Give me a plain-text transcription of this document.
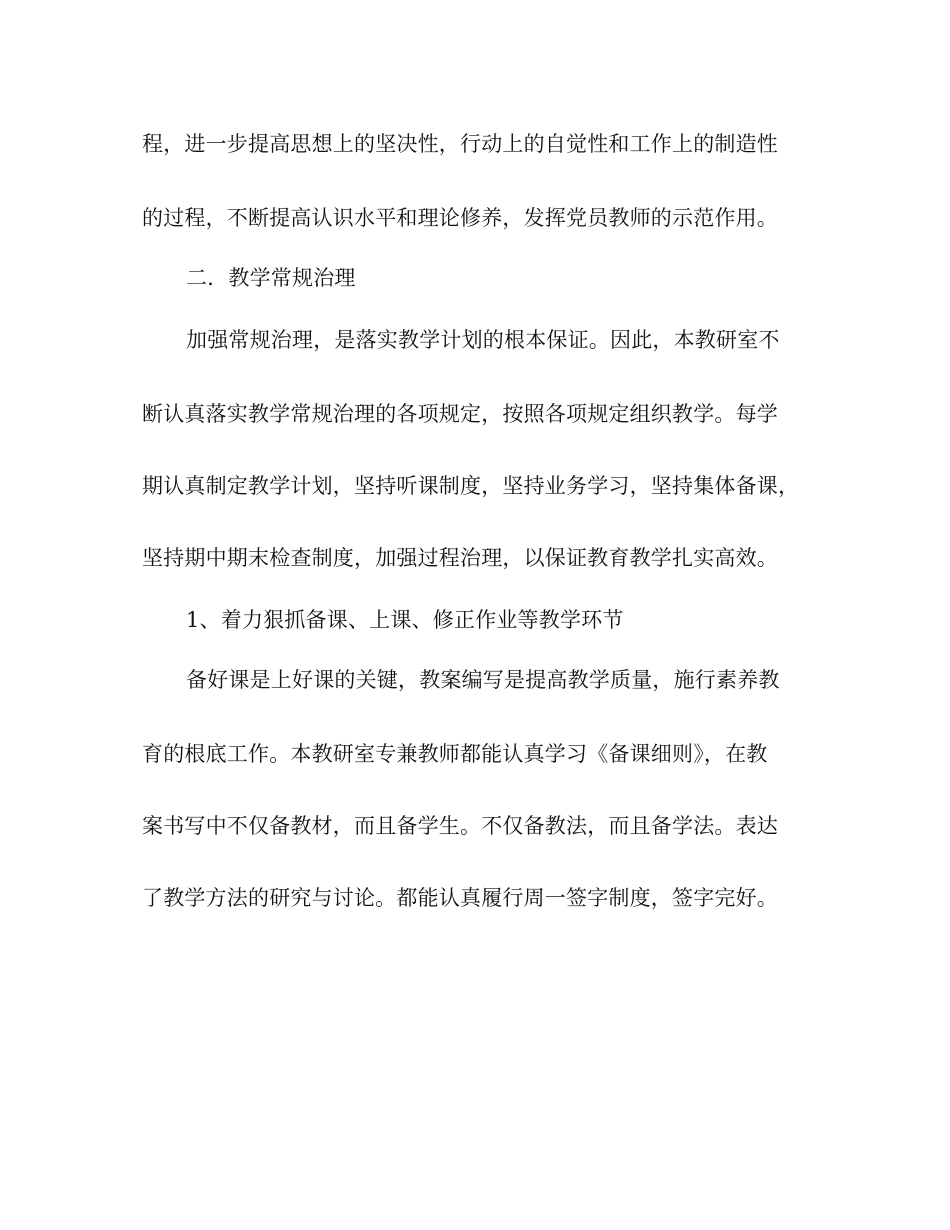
程，进一步提高思想上的坚决性，行动上的自觉性和工作上的制造性
的过程，不断提高认识水平和理论修养，发挥党员教师的示范作用。
二．教学常规治理
加强常规治理，是落实教学计划的根本保证。因此，本教研室不
断认真落实教学常规治理的各项规定，按照各项规定组织教学。每学
期认真制定教学计划，坚持听课制度，坚持业务学习，坚持集体备课，
坚持期中期末检查制度，加强过程治理，以保证教育教学扎实高效。
1、着力狠抓备课、上课、修正作业等教学环节
备好课是上好课的关键，教案编写是提高教学质量，施行素养教
育的根底工作。本教研室专兼教师都能认真学习《备课细则》，在教
案书写中不仅备教材，而且备学生。不仅备教法，而且备学法。表达
了教学方法的研究与讨论。都能认真履行周一签字制度，签字完好。
